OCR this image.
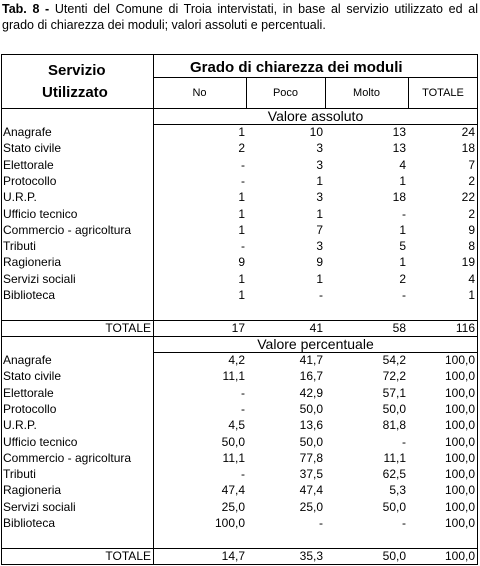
Tab. 8 - Utenti del Comune di Troia intervistati, in base al servizio utilizzato ed al grado di chiarezza dei moduli; valori assoluti e percentuali.
Servizio
Utilizzato
Grado di chiarezza dei moduli
No	Poco	Molto	TOTALE
Valore assoluto
Anagrafe	1	10	13	24
Stato civile	2	3	13	18
Elettorale	-	3	4	7
Protocollo	-	1	1	2
U.R.P.	1	3	18	22
Ufficio tecnico	1	1	-	2
Commercio - agricoltura	1	7	1	9
Tributi	-	3	5	8
Ragioneria	9	9	1	19
Servizi sociali	1	1	2	4
Biblioteca	1	-	-	1
TOTALE	17	41	58	116
Valore percentuale
Anagrafe	4,2	41,7	54,2	100,0
Stato civile	11,1	16,7	72,2	100,0
Elettorale	-	42,9	57,1	100,0
Protocollo	-	50,0	50,0	100,0
U.R.P.	4,5	13,6	81,8	100,0
Ufficio tecnico	50,0	50,0	-	100,0
Commercio - agricoltura	11,1	77,8	11,1	100,0
Tributi	-	37,5	62,5	100,0
Ragioneria	47,4	47,4	5,3	100,0
Servizi sociali	25,0	25,0	50,0	100,0
Biblioteca	100,0	-	-	100,0
TOTALE	14,7	35,3	50,0	100,0
